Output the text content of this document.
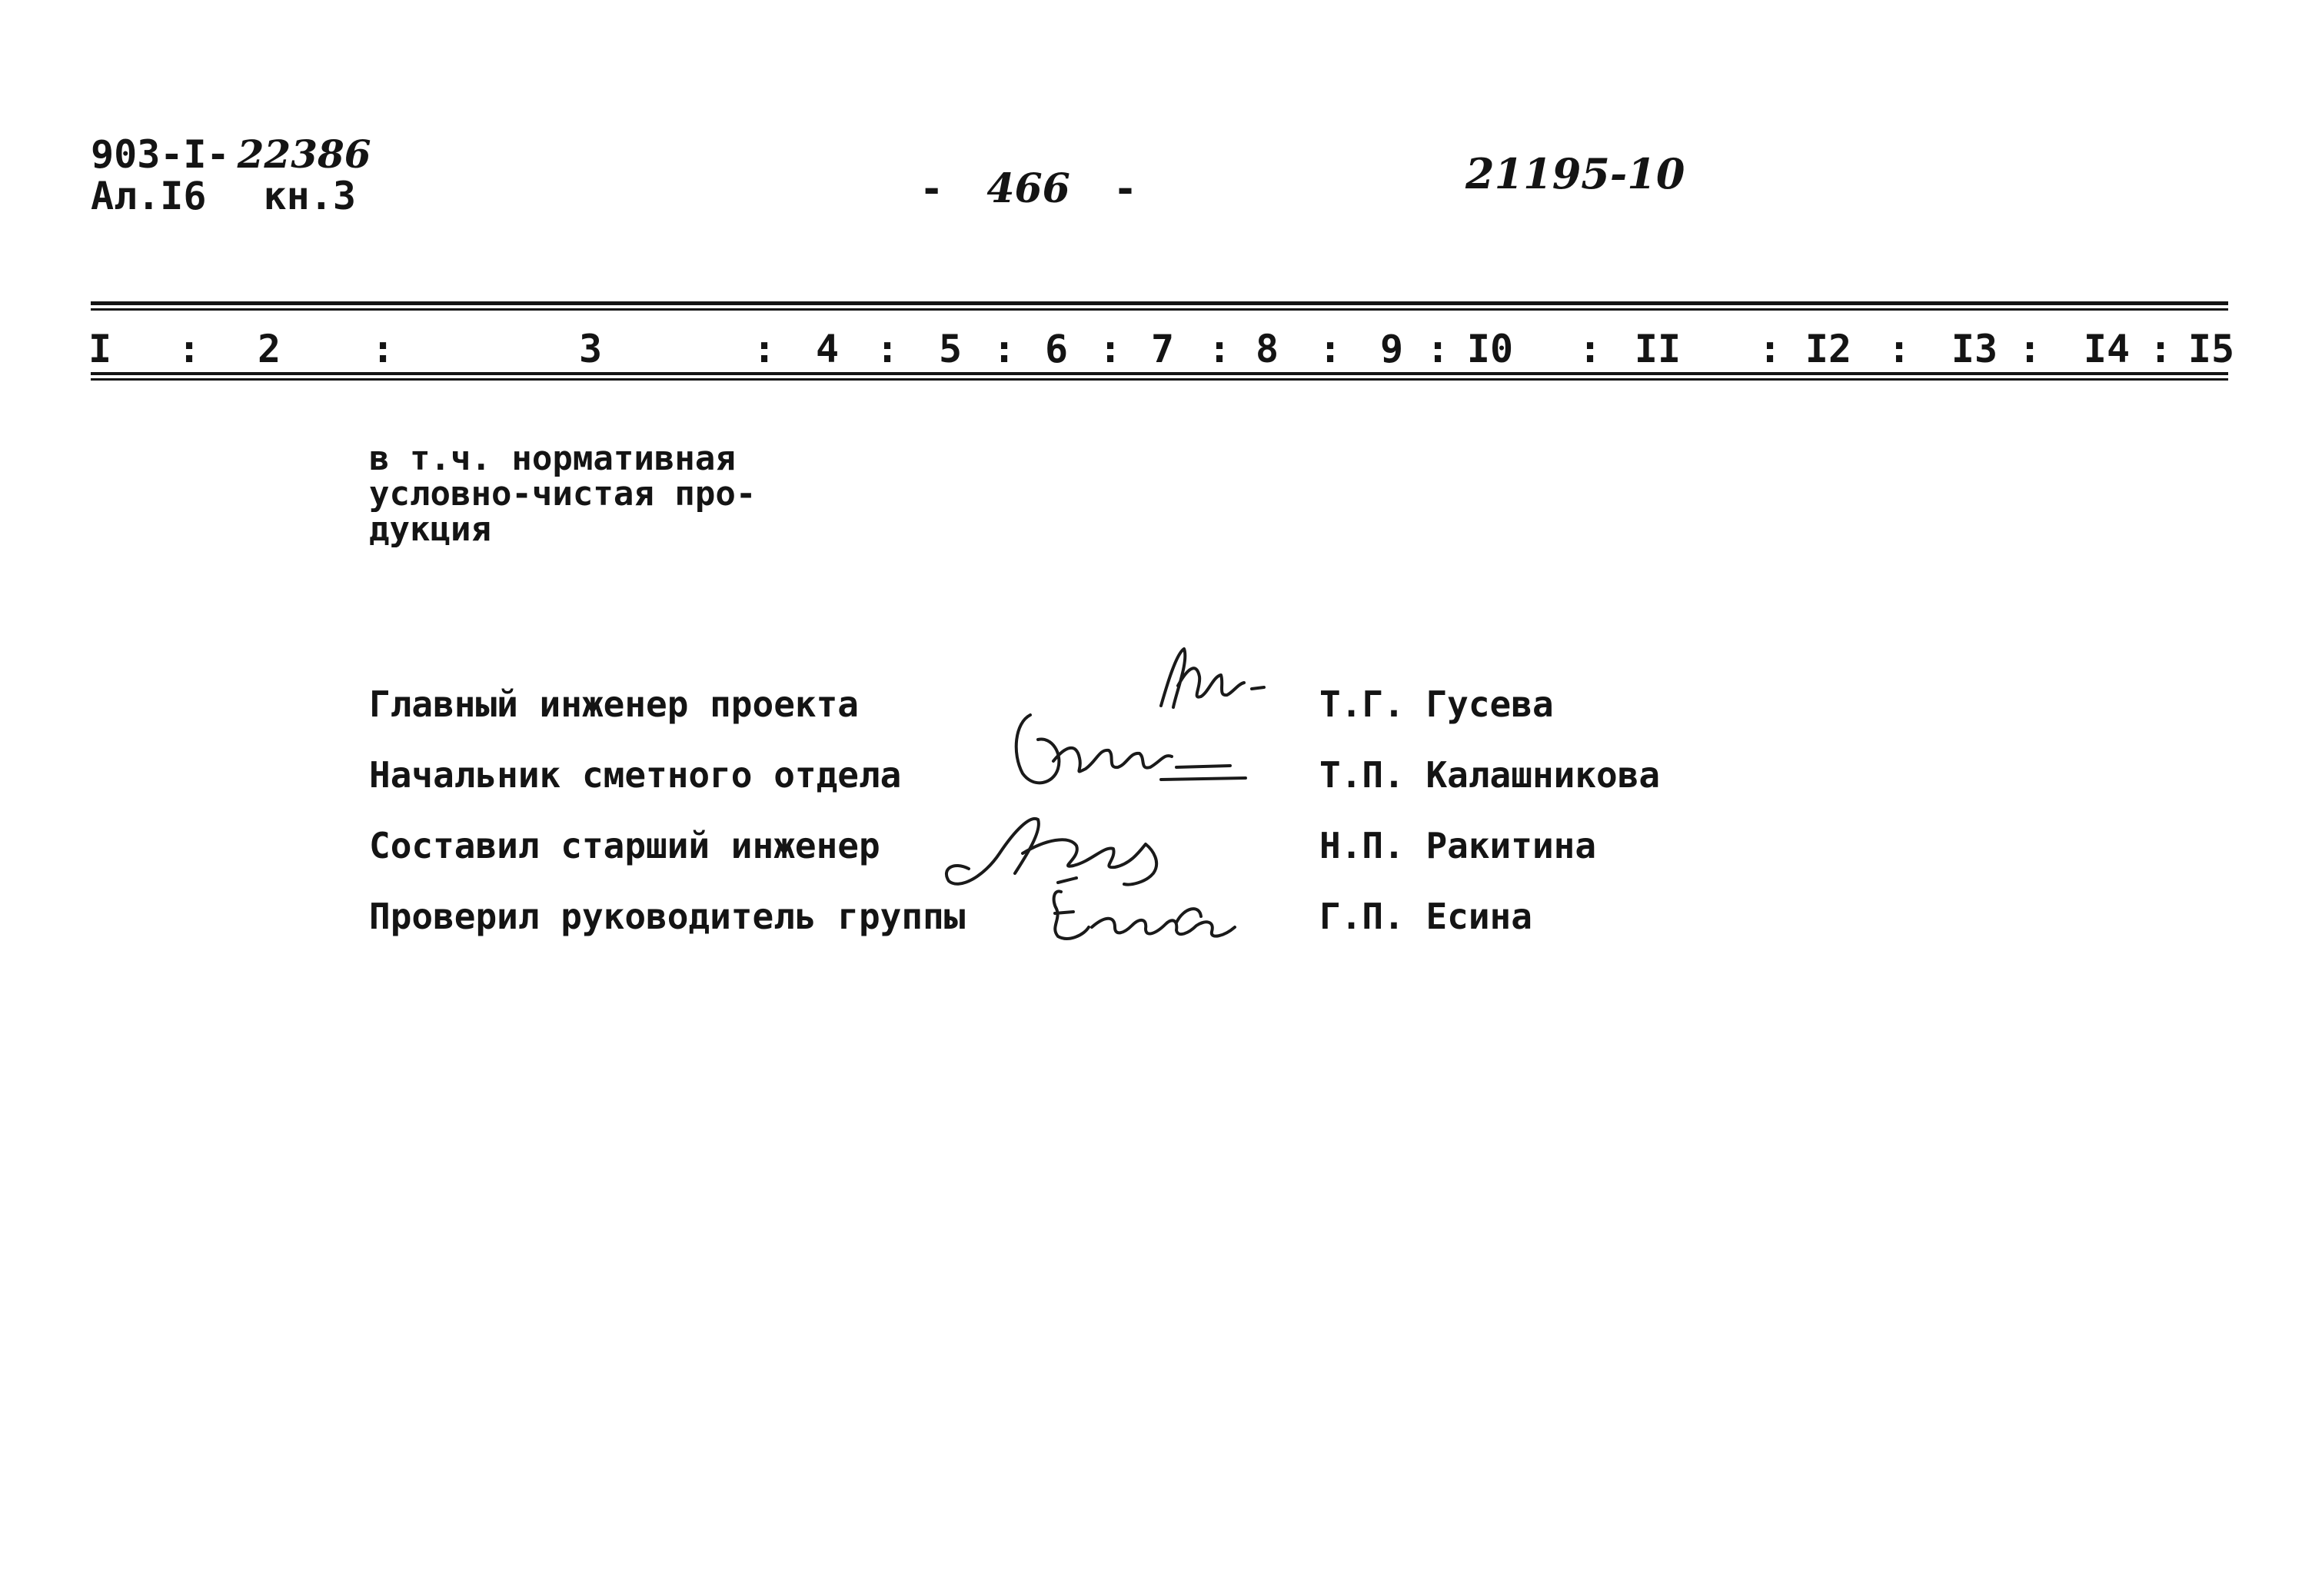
903-I- 22386
Ал.I6 кн.3	- 466 -	21195-10
I	2	3	4	5 6 7 8	9 I0	II	I2	I3 I4 I5
:	:	:	: : : : : :	:	:	:	:	:
в т.ч. нормативная
условно-чистая про-
дукция
Главный инженер проекта	Т.Г. Гусева
Начальник сметного отдела	Т.П. Калашникова
Составил старший инженер	Н.П. Ракитина
Проверил руководитель группы	Г.П. Есина
